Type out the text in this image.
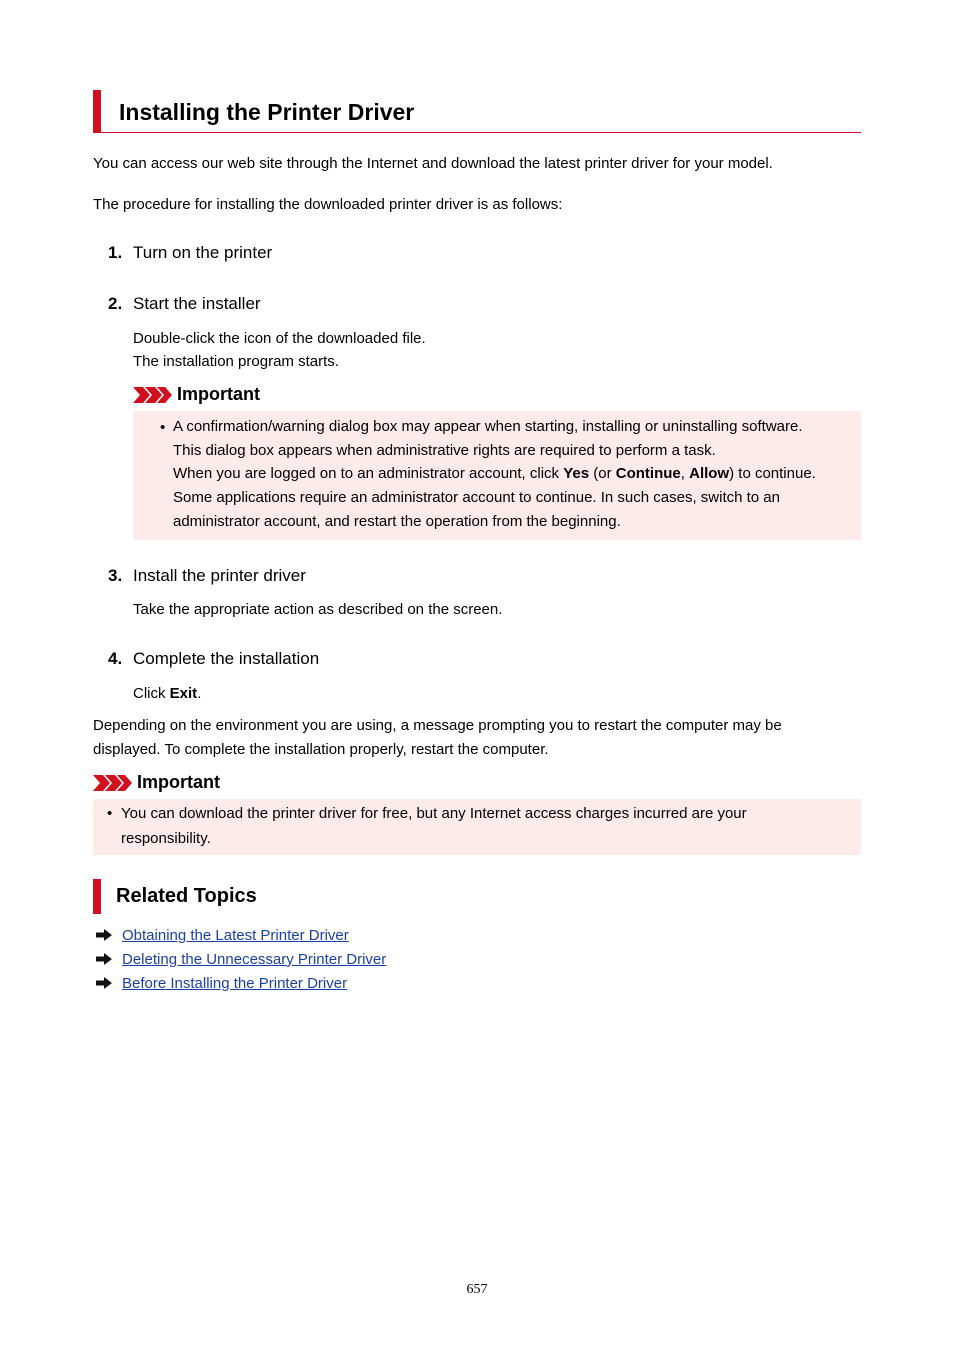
Installing the Printer Driver
You can access our web site through the Internet and download the latest printer driver for your model.
The procedure for installing the downloaded printer driver is as follows:
1. Turn on the printer
2. Start the installer
Double-click the icon of the downloaded file.
The installation program starts.
Important
• A confirmation/warning dialog box may appear when starting, installing or uninstalling software.
This dialog box appears when administrative rights are required to perform a task.
When you are logged on to an administrator account, click Yes (or Continue, Allow) to continue.
Some applications require an administrator account to continue. In such cases, switch to an
administrator account, and restart the operation from the beginning.
3. Install the printer driver
Take the appropriate action as described on the screen.
4. Complete the installation
Click Exit.
Depending on the environment you are using, a message prompting you to restart the computer may be
displayed. To complete the installation properly, restart the computer.
Important
• You can download the printer driver for free, but any Internet access charges incurred are your
responsibility.
Related Topics
Obtaining the Latest Printer Driver
Deleting the Unnecessary Printer Driver
Before Installing the Printer Driver
657
